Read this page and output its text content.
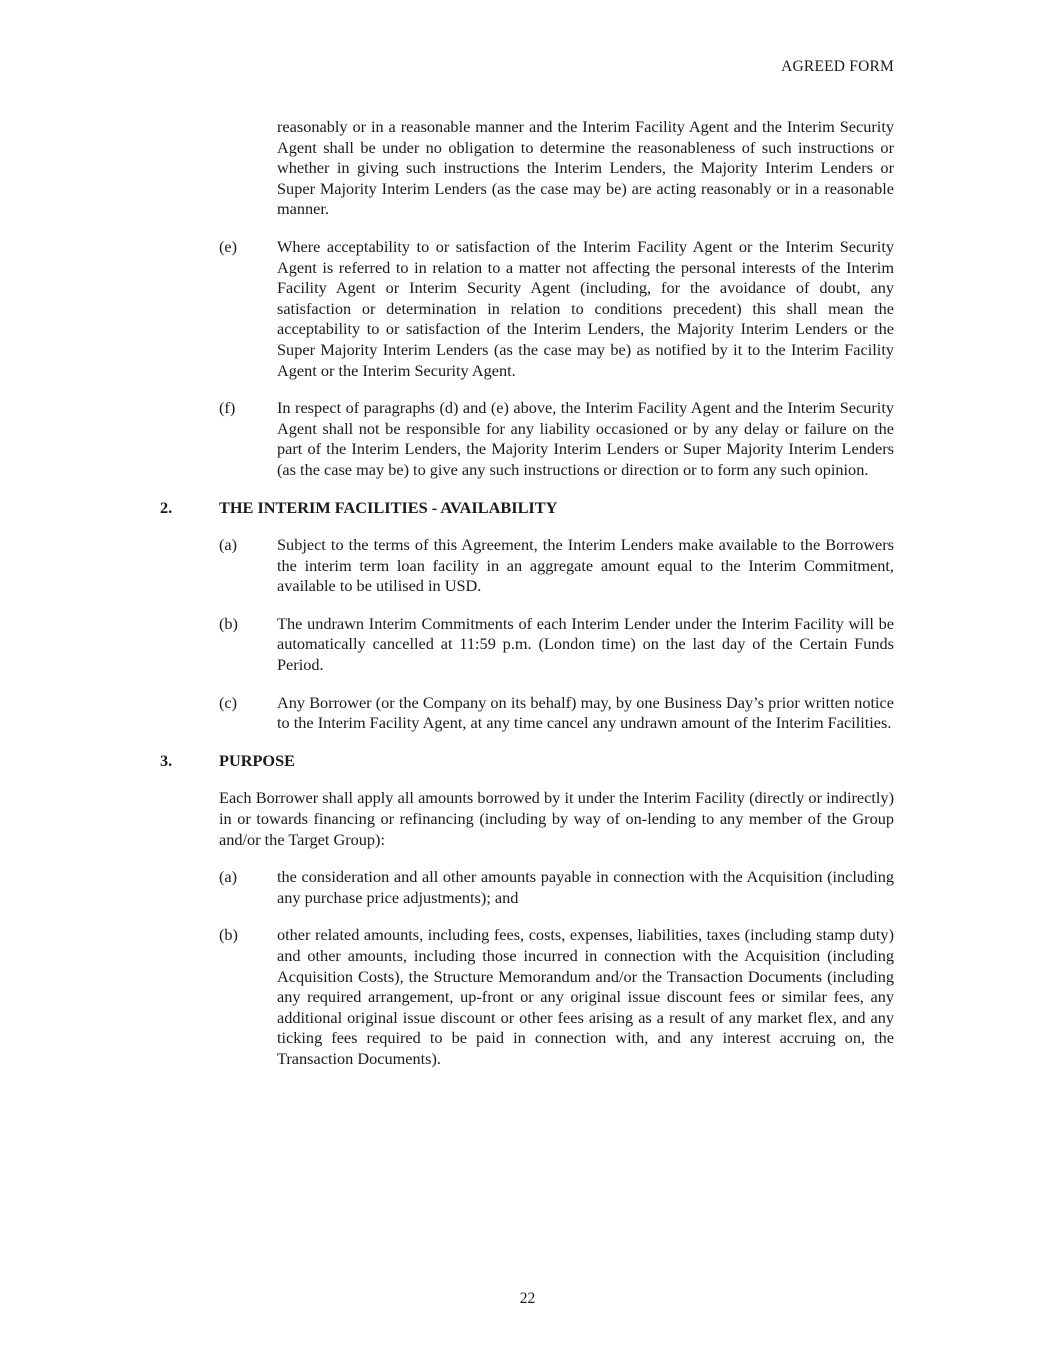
AGREED FORM

reasonably or in a reasonable manner and the Interim Facility Agent and the Interim Security Agent shall be under no obligation to determine the reasonableness of such instructions or whether in giving such instructions the Interim Lenders, the Majority Interim Lenders or Super Majority Interim Lenders (as the case may be) are acting reasonably or in a reasonable manner.

(e)	Where acceptability to or satisfaction of the Interim Facility Agent or the Interim Security Agent is referred to in relation to a matter not affecting the personal interests of the Interim Facility Agent or Interim Security Agent (including, for the avoidance of doubt, any satisfaction or determination in relation to conditions precedent) this shall mean the acceptability to or satisfaction of the Interim Lenders, the Majority Interim Lenders or the Super Majority Interim Lenders (as the case may be) as notified by it to the Interim Facility Agent or the Interim Security Agent.
(f)	In respect of paragraphs (d) and (e) above, the Interim Facility Agent and the Interim Security Agent shall not be responsible for any liability occasioned or by any delay or failure on the part of the Interim Lenders, the Majority Interim Lenders or Super Majority Interim Lenders (as the case may be) to give any such instructions or direction or to form any such opinion.
2.	THE INTERIM FACILITIES - AVAILABILITY
(a)	Subject to the terms of this Agreement, the Interim Lenders make available to the Borrowers the interim term loan facility in an aggregate amount equal to the Interim Commitment, available to be utilised in USD.
(b)	The undrawn Interim Commitments of each Interim Lender under the Interim Facility will be automatically cancelled at 11:59 p.m. (London time) on the last day of the Certain Funds Period.
(c)	Any Borrower (or the Company on its behalf) may, by one Business Day’s prior written notice to the Interim Facility Agent, at any time cancel any undrawn amount of the Interim Facilities.
3.	PURPOSE

Each Borrower shall apply all amounts borrowed by it under the Interim Facility (directly or indirectly) in or towards financing or refinancing (including by way of on-lending to any member of the Group and/or the Target Group):

(a)	the consideration and all other amounts payable in connection with the Acquisition (including any purchase price adjustments); and
(b)	other related amounts, including fees, costs, expenses, liabilities, taxes (including stamp duty) and other amounts, including those incurred in connection with the Acquisition (including Acquisition Costs), the Structure Memorandum and/or the Transaction Documents (including any required arrangement, up-front or any original issue discount fees or similar fees, any additional original issue discount or other fees arising as a result of any market flex, and any ticking fees required to be paid in connection with, and any interest accruing on, the Transaction Documents).
22
